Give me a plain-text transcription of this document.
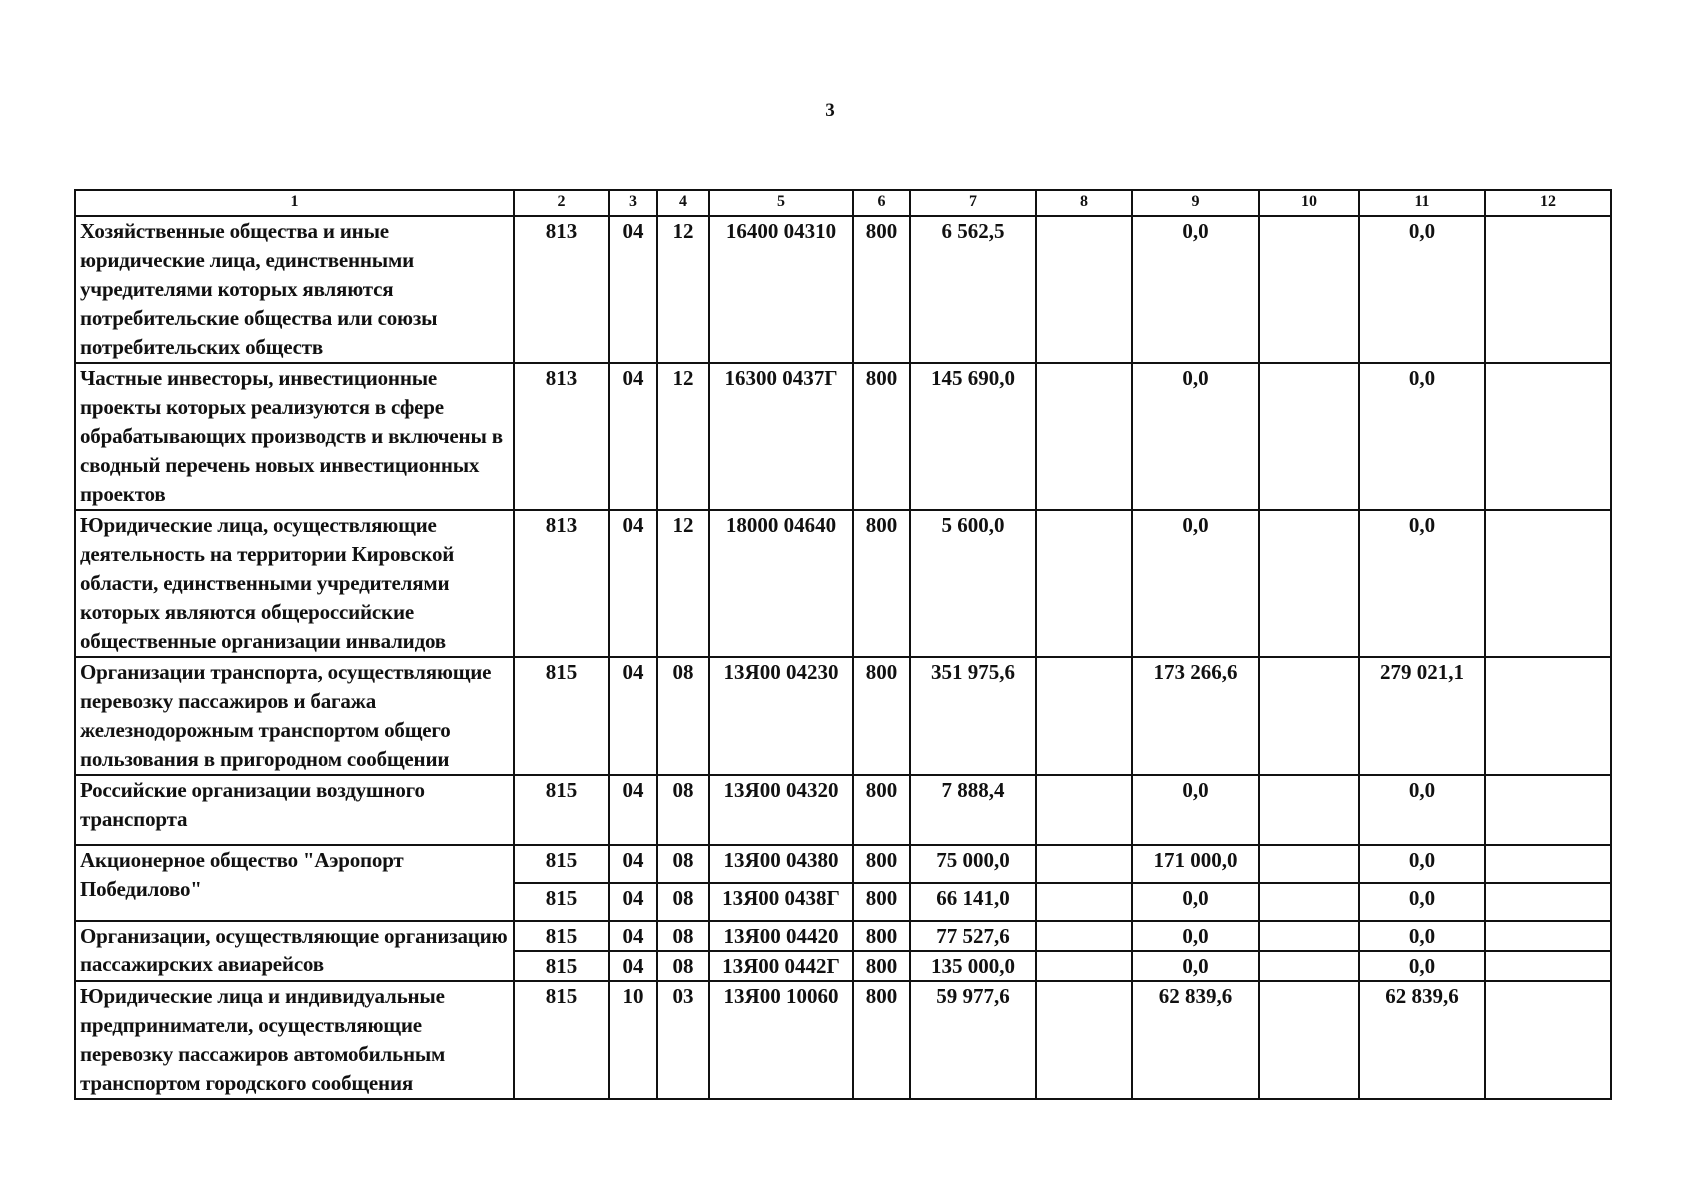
3
1	2	3	4	5	6	7	8	9	10	11	12
Хозяйственные общества и иные юридические лица, единственными учредителями которых являются потребительские общества или союзы потребительских обществ	813	04	12	16400 04310	800	6 562,5		0,0		0,0	
Частные инвесторы, инвестиционные проекты которых реализуются в сфере обрабатывающих производств и включены в сводный перечень новых инвестиционных проектов	813	04	12	16300 0437Г	800	145 690,0		0,0		0,0	
Юридические лица, осуществляющие деятельность на территории Кировской области, единственными учредителями которых являются общероссийские общественные организации инвалидов	813	04	12	18000 04640	800	5 600,0		0,0		0,0	
Организации транспорта, осуществляющие перевозку пассажиров и багажа железнодорожным транспортом общего пользования в пригородном сообщении	815	04	08	13Я00 04230	800	351 975,6		173 266,6		279 021,1	
Российские организации воздушного транспорта	815	04	08	13Я00 04320	800	7 888,4		0,0		0,0	
Акционерное общество "Аэропорт Победилово"	815	04	08	13Я00 04380	800	75 000,0		171 000,0		0,0	
	815	04	08	13Я00 0438Г	800	66 141,0		0,0		0,0	
Организации, осуществляющие организацию пассажирских авиарейсов	815	04	08	13Я00 04420	800	77 527,6		0,0		0,0	
	815	04	08	13Я00 0442Г	800	135 000,0		0,0		0,0	
Юридические лица и индивидуальные предприниматели, осуществляющие перевозку пассажиров автомобильным транспортом городского сообщения	815	10	03	13Я00 10060	800	59 977,6		62 839,6		62 839,6	
